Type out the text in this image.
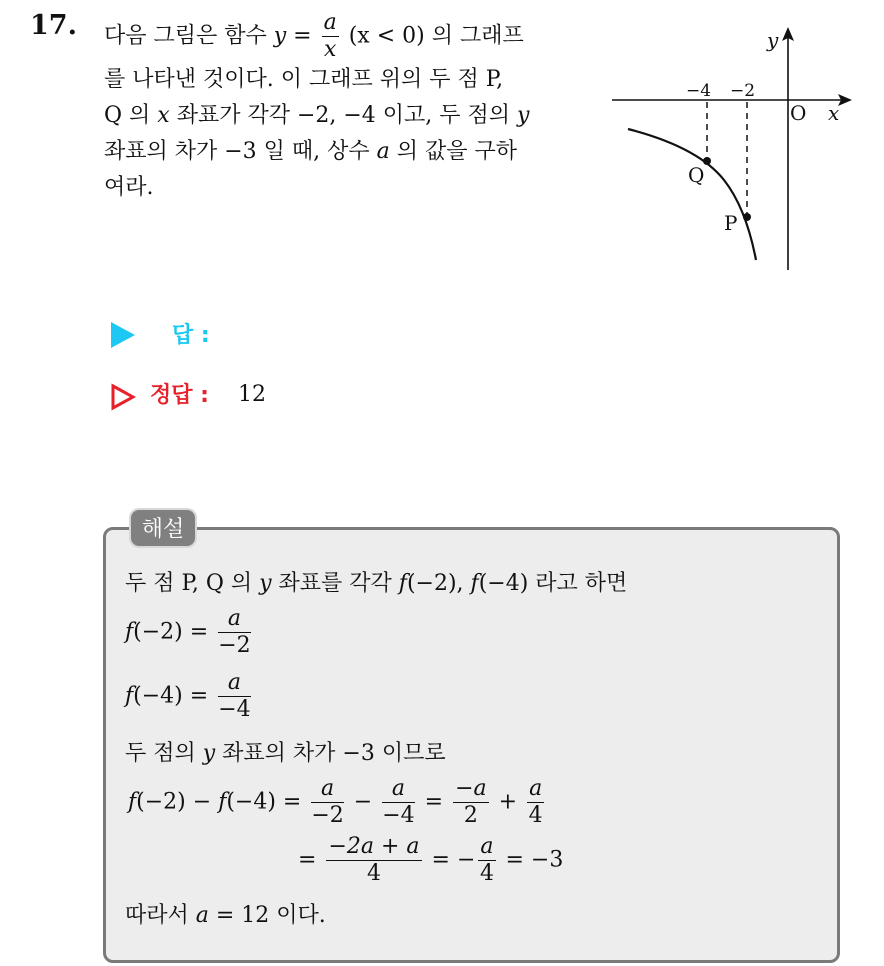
17. 다음 그림은 함수 $y = \frac{a}{x} (x < 0)$ 의 그래프
를 나타낸 것이다. 이 그래프 위의 두 점 P,
Q 의 x 좌표가 각각 −2, −4 이고, 두 점의 y
좌표의 차가 −3 일 때, 상수 a 의 값을 구하
여라.
y
x
O
−4 −2
Q
P
답 :
정답 : 12
해설
두 점 P, Q 의 y 좌표를 각각 f(−2), f(−4) 라고 하면
$f(-2) = \frac{a}{-2}$
$f(-4) = \frac{a}{-4}$
두 점의 y 좌표의 차가 −3 이므로
$f(-2) - f(-4) = \frac{a}{-2} - \frac{a}{-4} = \frac{-a}{2} + \frac{a}{4}$
= $\frac{-2a + a}{4}$ = − $\frac{a}{4} = -3$
따라서 a = 12 이다.
